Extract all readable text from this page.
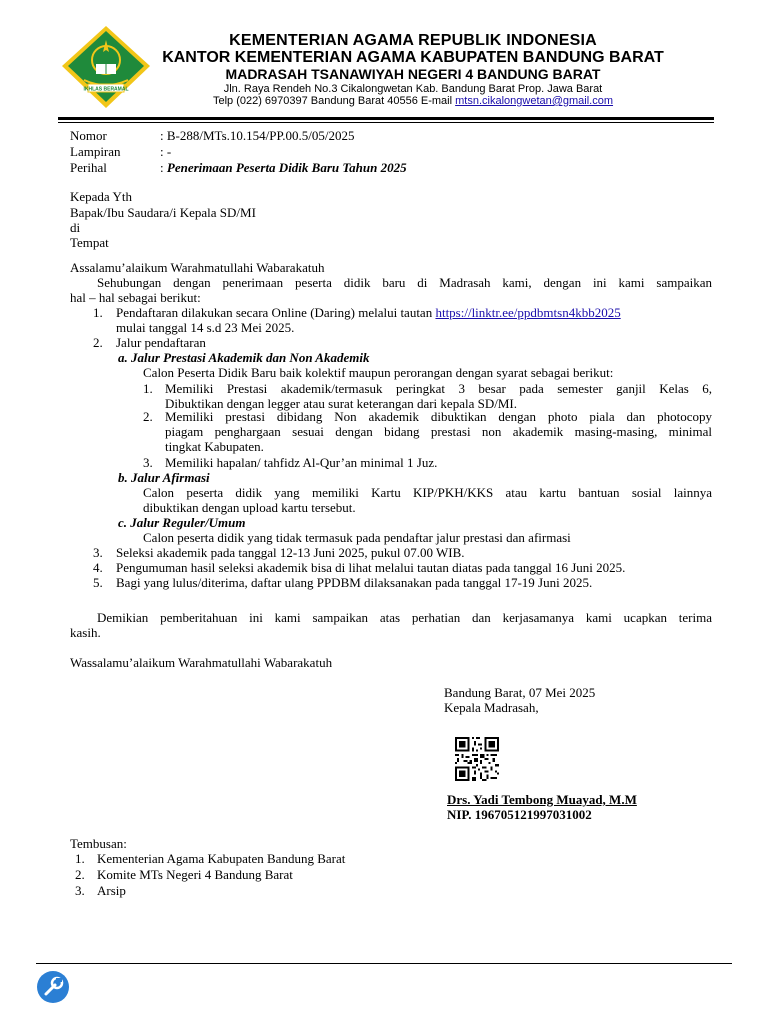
IKHLAS BERAMAL
KEMENTERIAN AGAMA REPUBLIK INDONESIA
KANTOR KEMENTERIAN AGAMA KABUPATEN BANDUNG BARAT
MADRASAH TSANAWIYAH NEGERI 4 BANDUNG BARAT
Jln. Raya Rendeh No.3 Cikalongwetan Kab. Bandung Barat Prop. Jawa Barat
Telp (022) 6970397 Bandung Barat 40556 E-mail mtsn.cikalongwetan@gmail.com
Nomor	: B-288/MTs.10.154/PP.00.5/05/2025
Lampiran	: -
Perihal	: Penerimaan Peserta Didik Baru Tahun 2025
Kepada Yth
Bapak/Ibu Saudara/i Kepala SD/MI
di
Tempat
Assalamu’alaikum Warahmatullahi Wabarakatuh
Sehubungan dengan penerimaan peserta didik baru di Madrasah kami, dengan ini kami sampaikan
hal – hal sebagai berikut:
1. Pendaftaran dilakukan secara Online (Daring) melalui tautan https://linktr.ee/ppdbmtsn4kbb2025
mulai tanggal 14 s.d 23 Mei 2025.
2. Jalur pendaftaran
a. Jalur Prestasi Akademik dan Non Akademik
Calon Peserta Didik Baru baik kolektif maupun perorangan dengan syarat sebagai berikut:
1. Memiliki Prestasi akademik/termasuk peringkat 3 besar pada semester ganjil Kelas 6,
Dibuktikan dengan legger atau surat keterangan dari kepala SD/MI.
2. Memiliki prestasi dibidang Non akademik dibuktikan dengan photo piala dan photocopy
piagam penghargaan sesuai dengan bidang prestasi non akademik masing-masing, minimal
tingkat Kabupaten.
3. Memiliki hapalan/ tahfidz Al-Qur’an minimal 1 Juz.
b. Jalur Afirmasi
Calon peserta didik yang memiliki Kartu KIP/PKH/KKS atau kartu bantuan sosial lainnya
dibuktikan dengan upload kartu tersebut.
c. Jalur Reguler/Umum
Calon peserta didik yang tidak termasuk pada pendaftar jalur prestasi dan afirmasi
3. Seleksi akademik pada tanggal 12-13 Juni 2025, pukul 07.00 WIB.
4. Pengumuman hasil seleksi akademik bisa di lihat melalui tautan diatas pada tanggal 16 Juni 2025.
5. Bagi yang lulus/diterima, daftar ulang PPDBM dilaksanakan pada tanggal 17-19 Juni 2025.
Demikian pemberitahuan ini kami sampaikan atas perhatian dan kerjasamanya kami ucapkan terima
kasih.
Wassalamu’alaikum Warahmatullahi Wabarakatuh
Bandung Barat, 07 Mei 2025
Kepala Madrasah,
Drs. Yadi Tembong Muayad, M.M
NIP. 196705121997031002
Tembusan:
1. Kementerian Agama Kabupaten Bandung Barat
2. Komite MTs Negeri 4 Bandung Barat
3. Arsip
